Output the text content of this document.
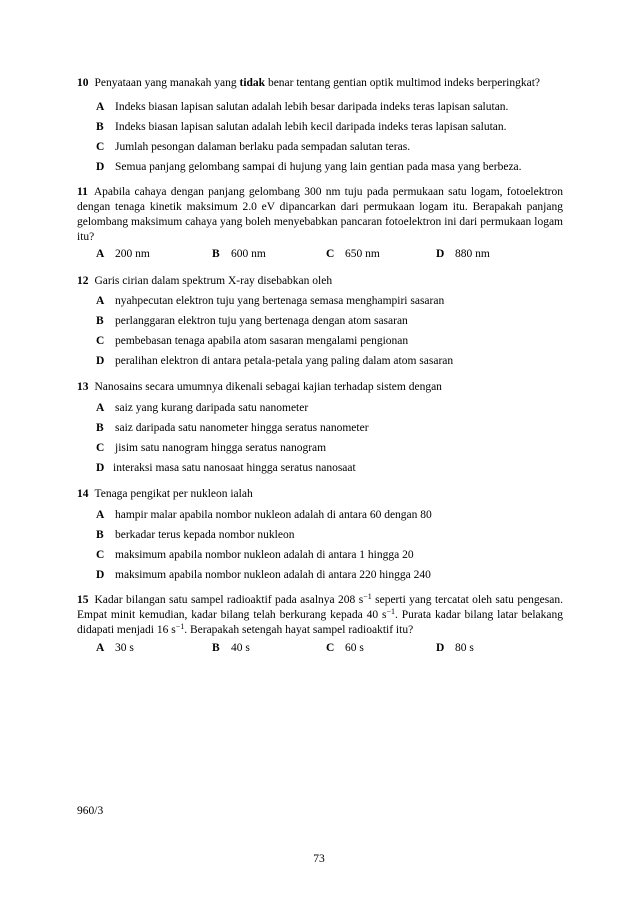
10 Penyataan yang manakah yang tidak benar tentang gentian optik multimod indeks berperingkat?
A Indeks biasan lapisan salutan adalah lebih besar daripada indeks teras lapisan salutan.
B Indeks biasan lapisan salutan adalah lebih kecil daripada indeks teras lapisan salutan.
C Jumlah pesongan dalaman berlaku pada sempadan salutan teras.
D Semua panjang gelombang sampai di hujung yang lain gentian pada masa yang berbeza.
11 Apabila cahaya dengan panjang gelombang 300 nm tuju pada permukaan satu logam, fotoelektron dengan tenaga kinetik maksimum 2.0 eV dipancarkan dari permukaan logam itu. Berapakah panjang gelombang maksimum cahaya yang boleh menyebabkan pancaran fotoelektron ini dari permukaan logam itu?
A 200 nm	B 600 nm	C 650 nm	D 880 nm
12 Garis cirian dalam spektrum X-ray disebabkan oleh
A nyahpecutan elektron tuju yang bertenaga semasa menghampiri sasaran
B perlanggaran elektron tuju yang bertenaga dengan atom sasaran
C pembebasan tenaga apabila atom sasaran mengalami pengionan
D peralihan elektron di antara petala-petala yang paling dalam atom sasaran
13 Nanosains secara umumnya dikenali sebagai kajian terhadap sistem dengan
A saiz yang kurang daripada satu nanometer
B saiz daripada satu nanometer hingga seratus nanometer
C jisim satu nanogram hingga seratus nanogram
D interaksi masa satu nanosaat hingga seratus nanosaat
14 Tenaga pengikat per nukleon ialah
A hampir malar apabila nombor nukleon adalah di antara 60 dengan 80
B berkadar terus kepada nombor nukleon
C maksimum apabila nombor nukleon adalah di antara 1 hingga 20
D maksimum apabila nombor nukleon adalah di antara 220 hingga 240
15 Kadar bilangan satu sampel radioaktif pada asalnya 208 $s^{-1}$ seperti yang tercatat oleh satu pengesan. Empat minit kemudian, kadar bilang telah berkurang kepada 40 $s^{-1}$. Purata kadar bilang latar belakang didapati menjadi 16 $s^{-1}$. Berapakah setengah hayat sampel radioaktif itu?
A 30 s	B 40 s	C 60 s	D 80 s
960/3
73
